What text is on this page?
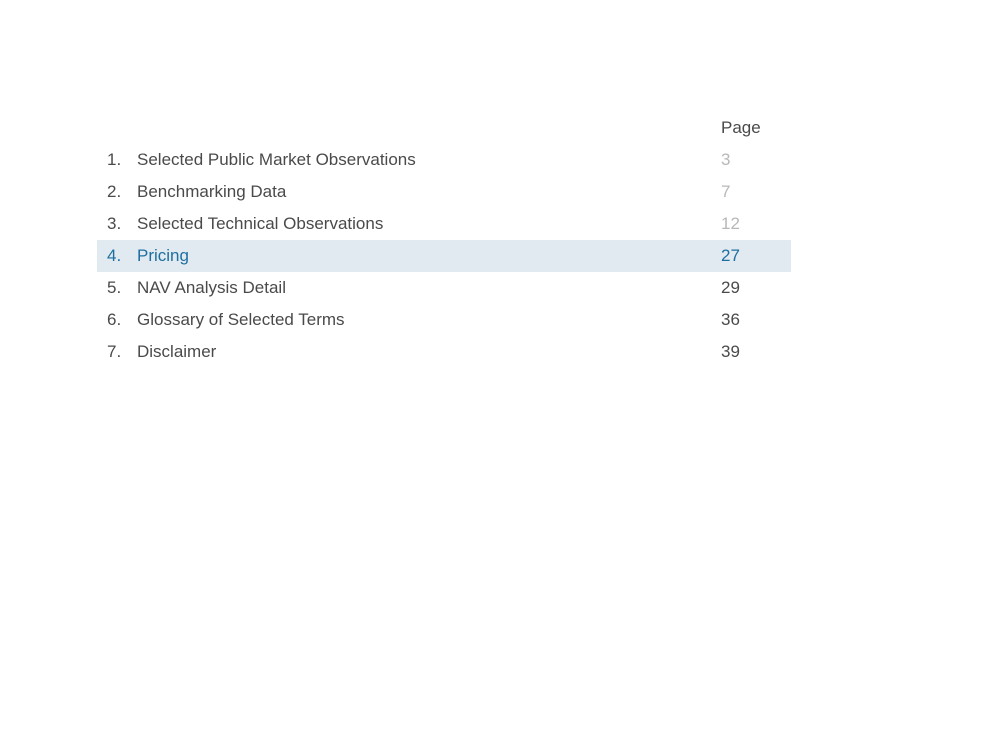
Page
1. Selected Public Market Observations	3
2. Benchmarking Data	7
3. Selected Technical Observations	12
4. Pricing	27
5. NAV Analysis Detail	29
6. Glossary of Selected Terms	36
7. Disclaimer	39
